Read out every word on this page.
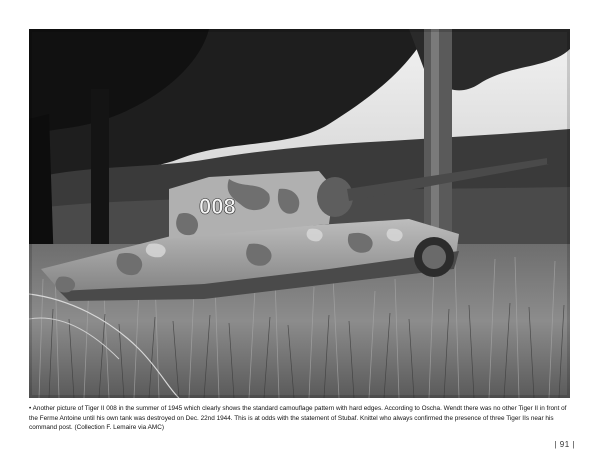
008

• Another picture of Tiger II 008 in the summer of 1945 which clearly shows the standard camouflage pattern with hard edges. According to Oscha. Wendt there was no other Tiger II in front of the Ferme Antoine until his own tank was destroyed on Dec. 22nd 1944. This is at odds with the statement of Stubaf. Knittel who always confirmed the presence of three Tiger IIs near his command post. (Collection F. Lemaire via AMC)

| 91 |
